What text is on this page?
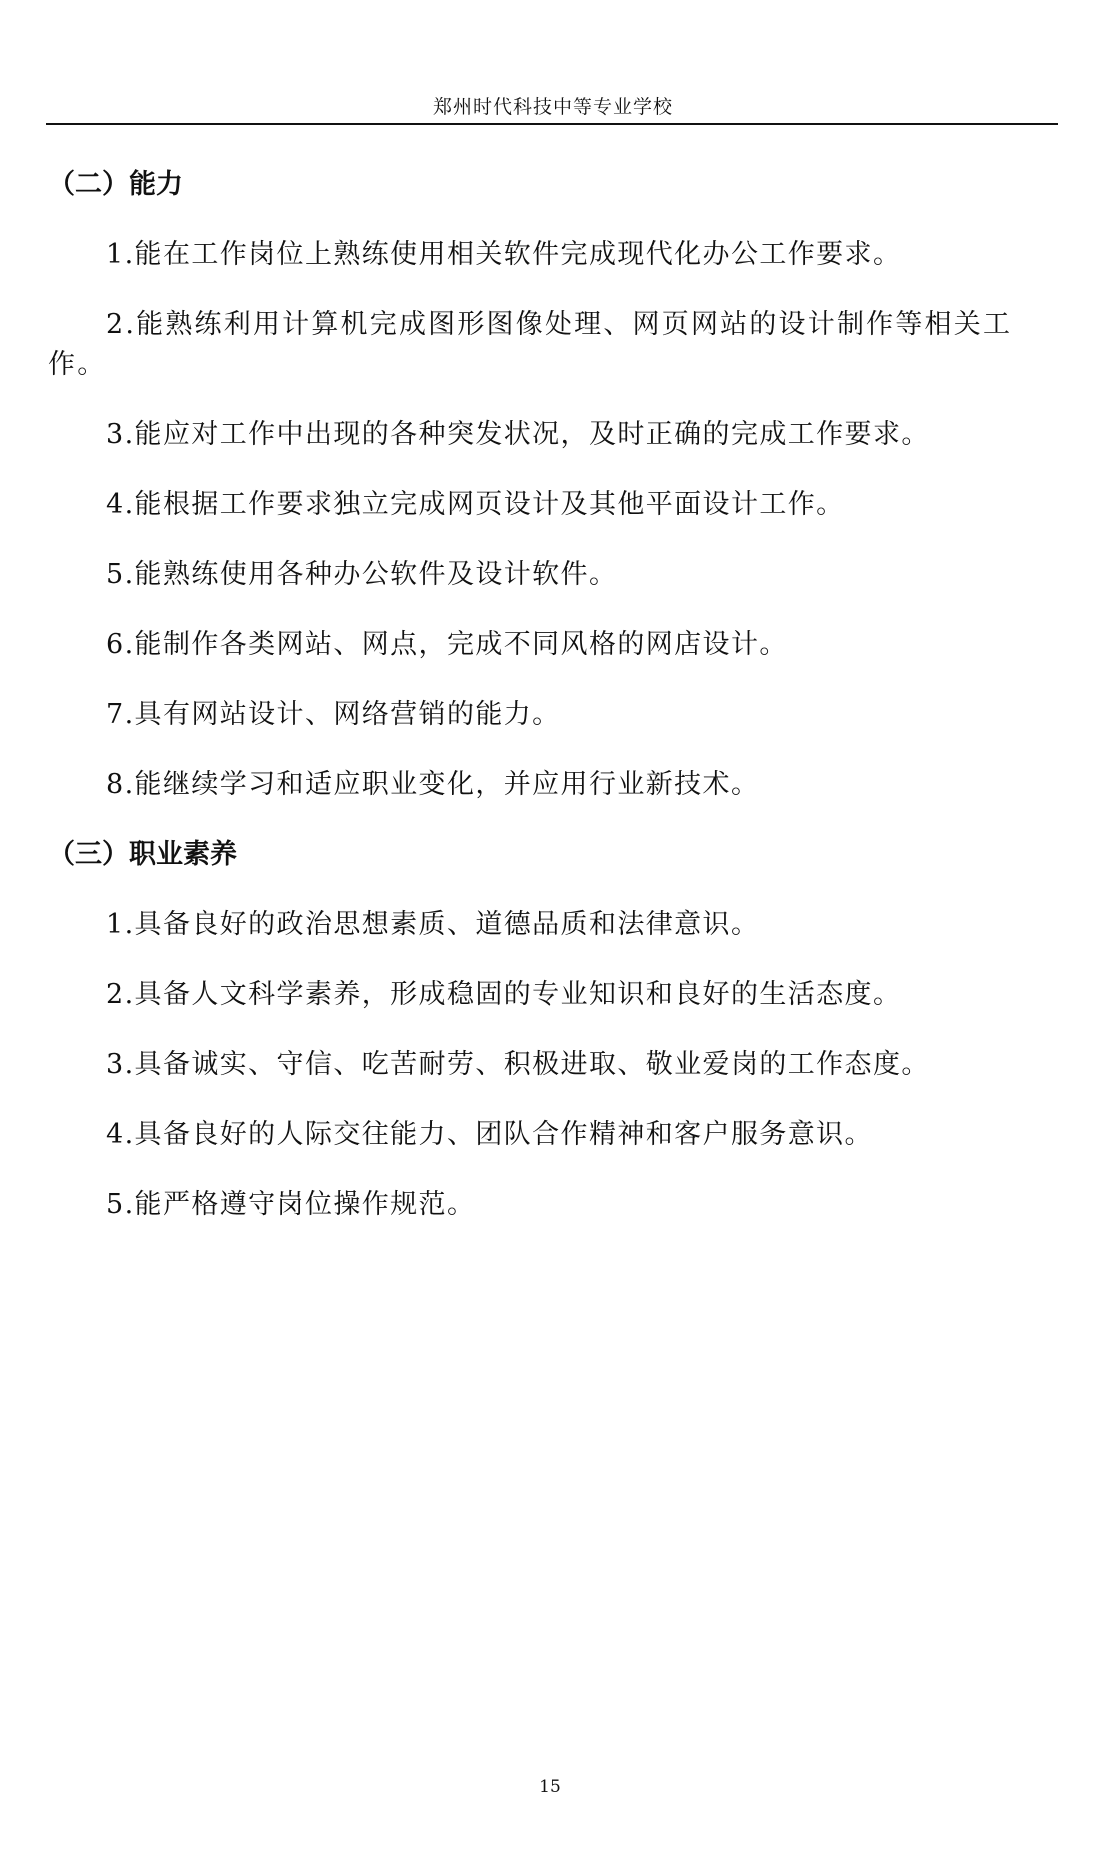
郑州时代科技中等专业学校
（二）能力
1.能在工作岗位上熟练使用相关软件完成现代化办公工作要求。
2.能熟练利用计算机完成图形图像处理、网页网站的设计制作等相关工作。
3.能应对工作中出现的各种突发状况，及时正确的完成工作要求。
4.能根据工作要求独立完成网页设计及其他平面设计工作。
5.能熟练使用各种办公软件及设计软件。
6.能制作各类网站、网点，完成不同风格的网店设计。
7.具有网站设计、网络营销的能力。
8.能继续学习和适应职业变化，并应用行业新技术。
（三）职业素养
1.具备良好的政治思想素质、道德品质和法律意识。
2.具备人文科学素养，形成稳固的专业知识和良好的生活态度。
3.具备诚实、守信、吃苦耐劳、积极进取、敬业爱岗的工作态度。
4.具备良好的人际交往能力、团队合作精神和客户服务意识。
5.能严格遵守岗位操作规范。
15
